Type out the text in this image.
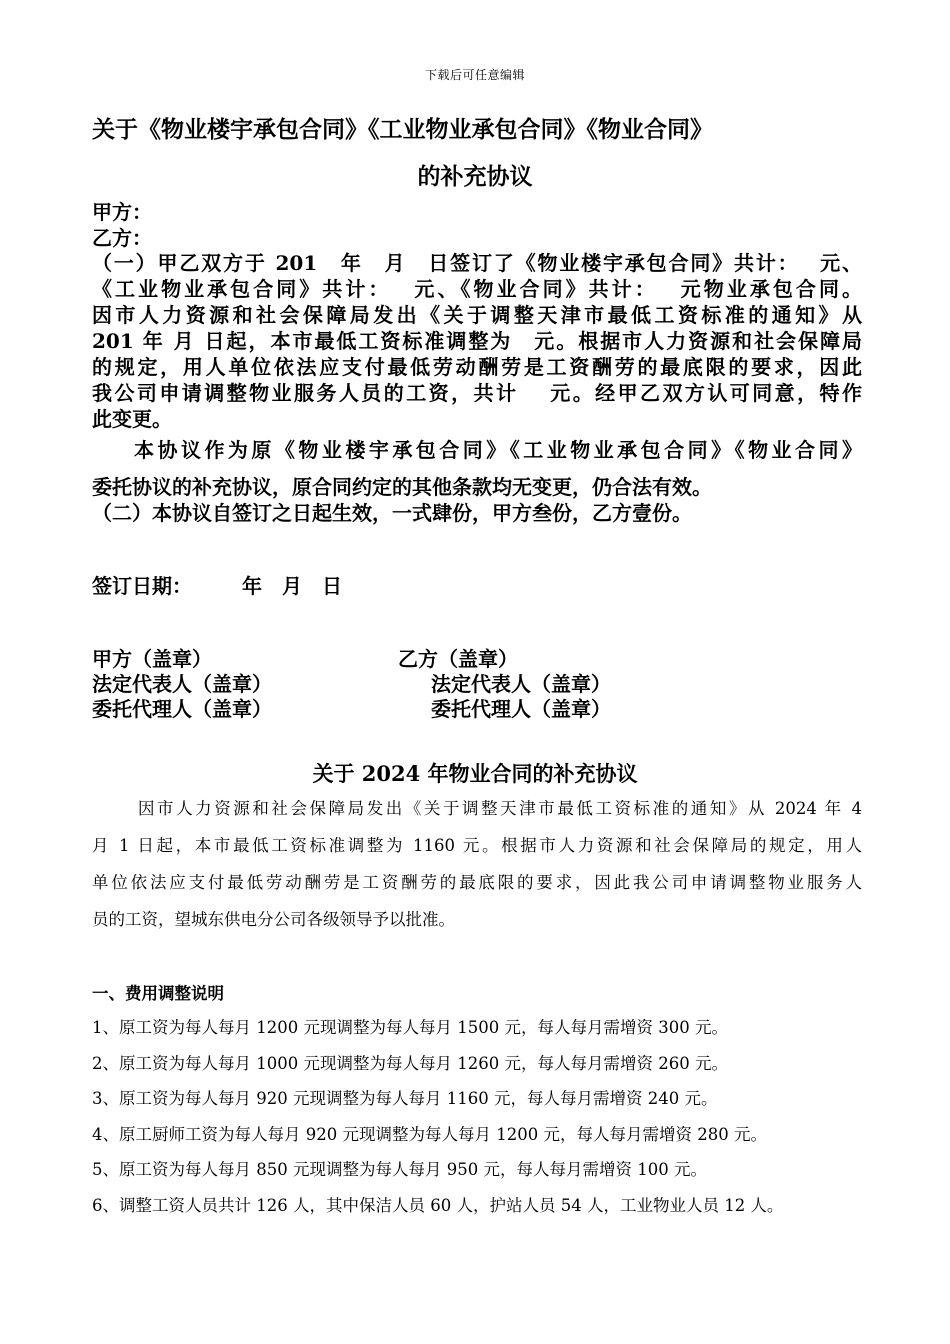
下载后可任意编辑
关于《物业楼宇承包合同》《工业物业承包合同》《物业合同》
的补充协议
甲方：
乙方：
（一）甲乙双方于 201　年　月　日签订了《物业楼宇承包合同》共计：　 元、
《工业物业承包合同》共计：　 元、《物业合同》共计：　 元物业承包合同。
因市人力资源和社会保障局发出《关于调整天津市最低工资标准的通知》从
201 年 月 日起，本市最低工资标准调整为　元。根据市人力资源和社会保障局
的规定，用人单位依法应支付最低劳动酬劳是工资酬劳的最底限的要求，因此
我公司申请调整物业服务人员的工资，共计　 元。经甲乙双方认可同意，特作
此变更。
本协议作为原《物业楼宇承包合同》《工业物业承包合同》《物业合同》
委托协议的补充协议，原合同约定的其他条款均无变更，仍合法有效。
（二）本协议自签订之日起生效，一式肆份，甲方叁份，乙方壹份。
签订日期：　　　年　月　日
甲方（盖章）
法定代表人（盖章）
委托代理人（盖章）
乙方（盖章）
法定代表人（盖章）
委托代理人（盖章）
关于 2024 年物业合同的补充协议
因市人力资源和社会保障局发出《关于调整天津市最低工资标准的通知》从 2024 年 4
月 1 日起，本市最低工资标准调整为 1160 元。根据市人力资源和社会保障局的规定，用人
单位依法应支付最低劳动酬劳是工资酬劳的最底限的要求，因此我公司申请调整物业服务人
员的工资，望城东供电分公司各级领导予以批准。
一、费用调整说明
1、原工资为每人每月 1200 元现调整为每人每月 1500 元，每人每月需增资 300 元。
2、原工资为每人每月 1000 元现调整为每人每月 1260 元，每人每月需增资 260 元。
3、原工资为每人每月 920 元现调整为每人每月 1160 元，每人每月需增资 240 元。
4、原工厨师工资为每人每月 920 元现调整为每人每月 1200 元，每人每月需增资 280 元。
5、原工资为每人每月 850 元现调整为每人每月 950 元，每人每月需增资 100 元。
6、调整工资人员共计 126 人，其中保洁人员 60 人，护站人员 54 人，工业物业人员 12 人。
